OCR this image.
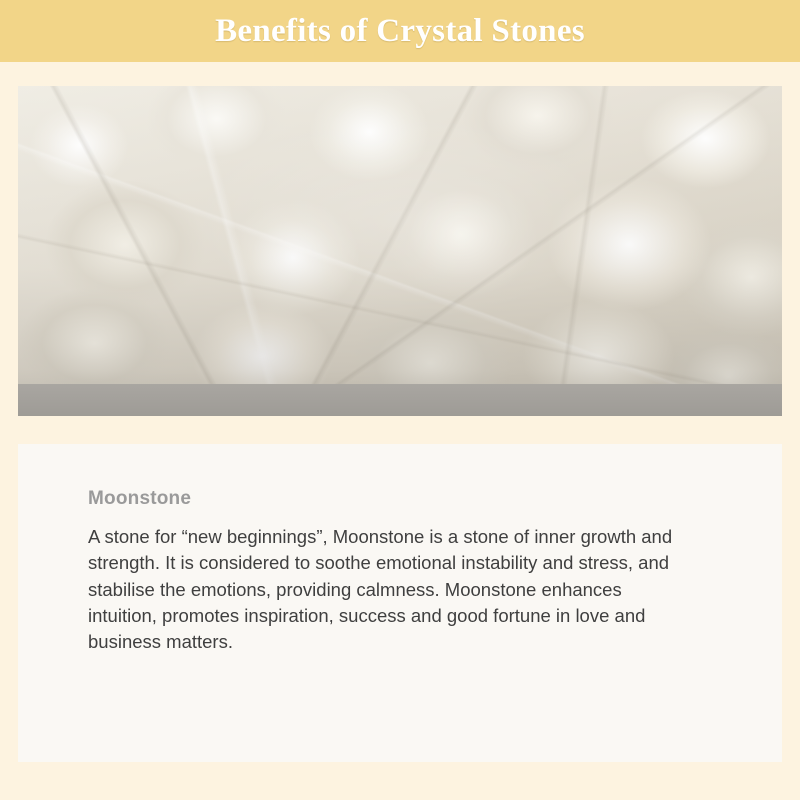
Benefits of Crystal Stones
Moonstone

A stone for “new beginnings”, Moonstone is a stone of inner growth and strength. It is considered to soothe emotional instability and stress, and stabilise the emotions, providing calmness. Moonstone enhances intuition, promotes inspiration, success and good fortune in love and business matters.
